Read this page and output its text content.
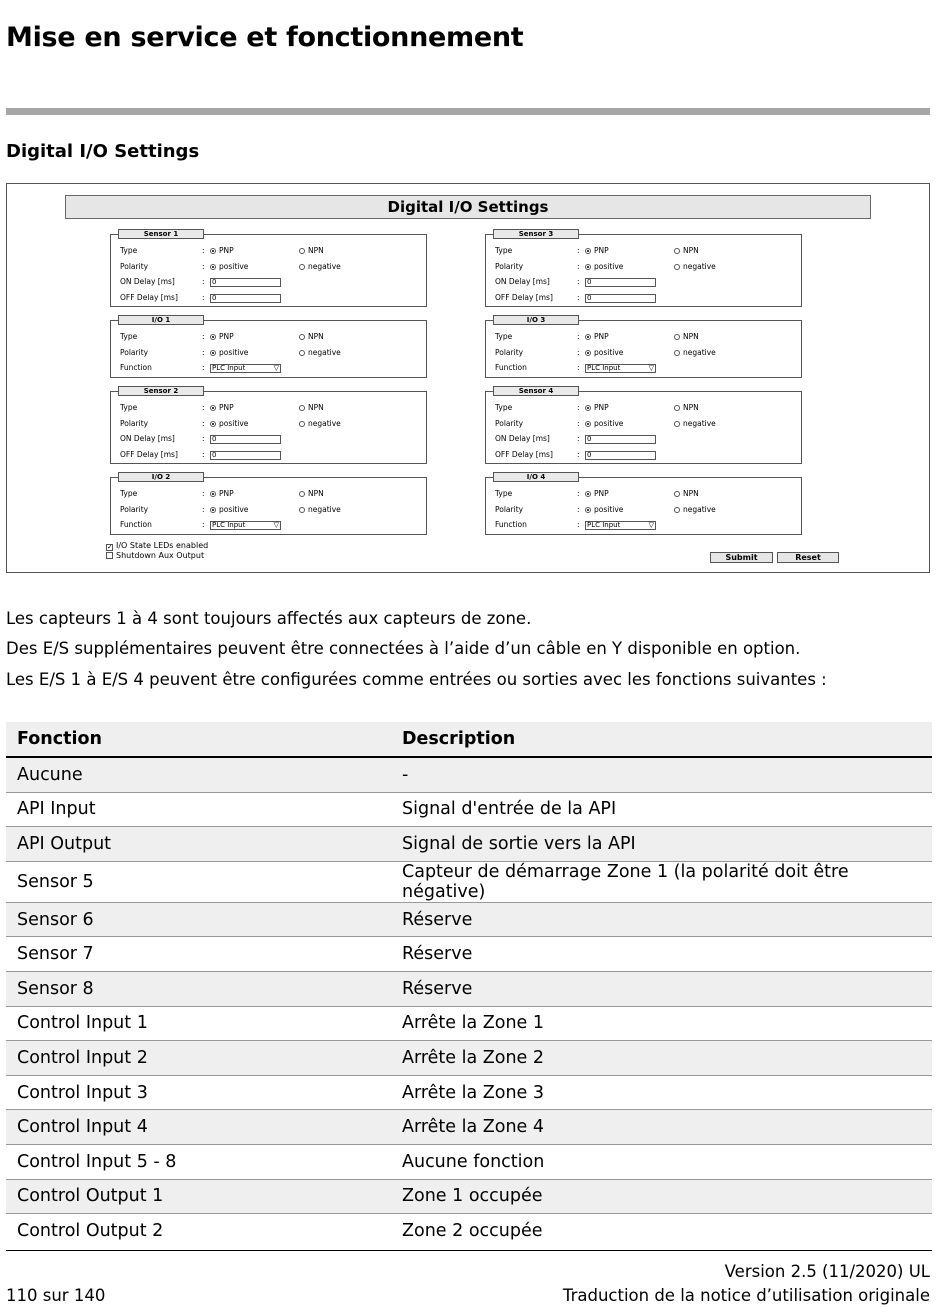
Mise en service et fonctionnement
Digital I/O Settings
Digital I/O Settings
Sensor 1
Type	:	PNP	NPN
Polarity	:	positive	negative
ON Delay [ms]	: 0
OFF Delay [ms]	: 0
Sensor 3
Type	:	PNP	NPN
Polarity	:	positive	negative
ON Delay [ms]	: 0
OFF Delay [ms]	: 0
I/O 1
Type	:	PNP	NPN
Polarity	:	positive	negative
Function	: PLC Input	▽
I/O 3
Type	:	PNP	NPN
Polarity	:	positive	negative
Function	: PLC Input	▽
Sensor 2
Type	:	PNP	NPN
Polarity	:	positive	negative
ON Delay [ms]	: 0
OFF Delay [ms]	: 0
Sensor 4
Type	:	PNP	NPN
Polarity	:	positive	negative
ON Delay [ms]	: 0
OFF Delay [ms]	: 0
I/O 2
Type	:	PNP	NPN
Polarity	:	positive	negative
Function	: PLC Input	▽
I/O 4
Type	:	PNP	NPN
Polarity	:	positive	negative
Function	: PLC Input	▽
✓ I/O State LEDs enabled
Shutdown Aux Output	Submit	Reset
Les capteurs 1 à 4 sont toujours affectés aux capteurs de zone.
Des E/S supplémentaires peuvent être connectées à l’aide d’un câble en Y disponible en option.
Les E/S 1 à E/S 4 peuvent être configurées comme entrées ou sorties avec les fonctions suivantes :
Fonction	Description
Aucune	-
API Input	Signal d'entrée de la API
API Output	Signal de sortie vers la API
Sensor 5	Capteur de démarrage Zone 1 (la polarité doit être négative)
Sensor 6	Réserve
Sensor 7	Réserve
Sensor 8	Réserve
Control Input 1	Arrête la Zone 1
Control Input 2	Arrête la Zone 2
Control Input 3	Arrête la Zone 3
Control Input 4	Arrête la Zone 4
Control Input 5 - 8	Aucune fonction
Control Output 1	Zone 1 occupée
Control Output 2	Zone 2 occupée
Version 2.5 (11/2020) UL
Traduction de la notice d’utilisation originale
110 sur 140
